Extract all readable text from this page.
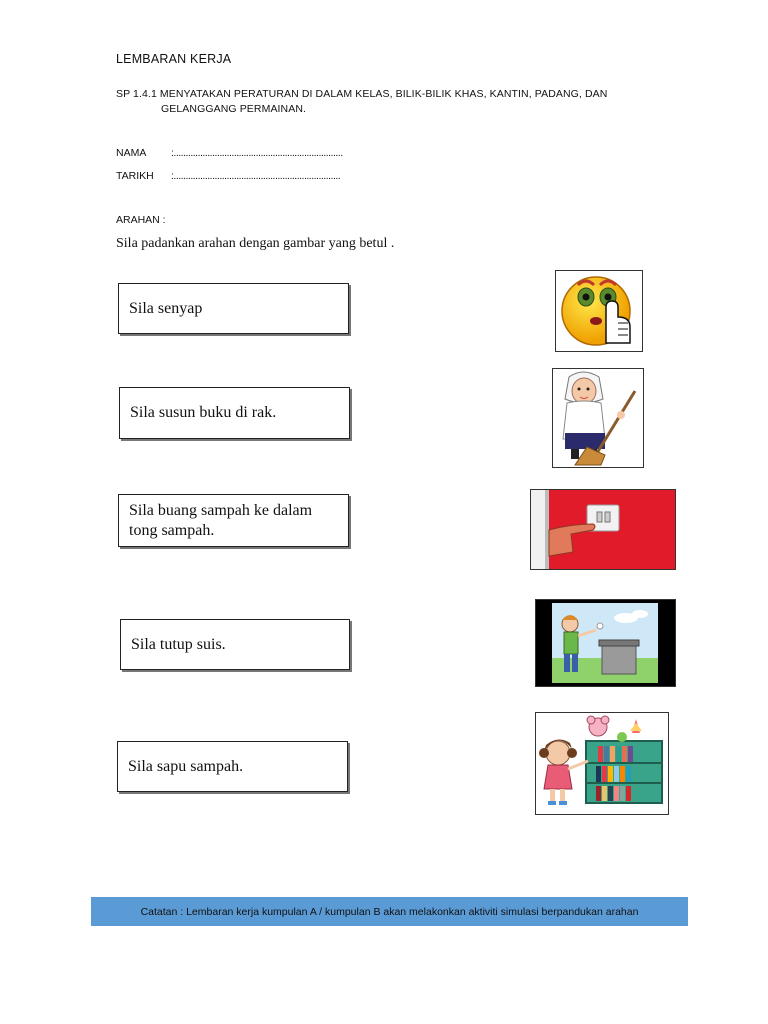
LEMBARAN KERJA
SP 1.4.1 MENYATAKAN PERATURAN DI DALAM KELAS, BILIK-BILIK KHAS, KANTIN, PADANG, DAN
GELANGGANG PERMAINAN.
NAMA :......................................................................
TARIKH :.....................................................................
ARAHAN :
Sila padankan arahan dengan gambar yang betul .
Sila senyap
Sila susun buku di rak.
Sila buang sampah ke dalam tong sampah.
Sila tutup suis.
Sila sapu sampah.
Catatan : Lembaran kerja kumpulan A / kumpulan B akan melakonkan aktiviti simulasi berpandukan arahan
